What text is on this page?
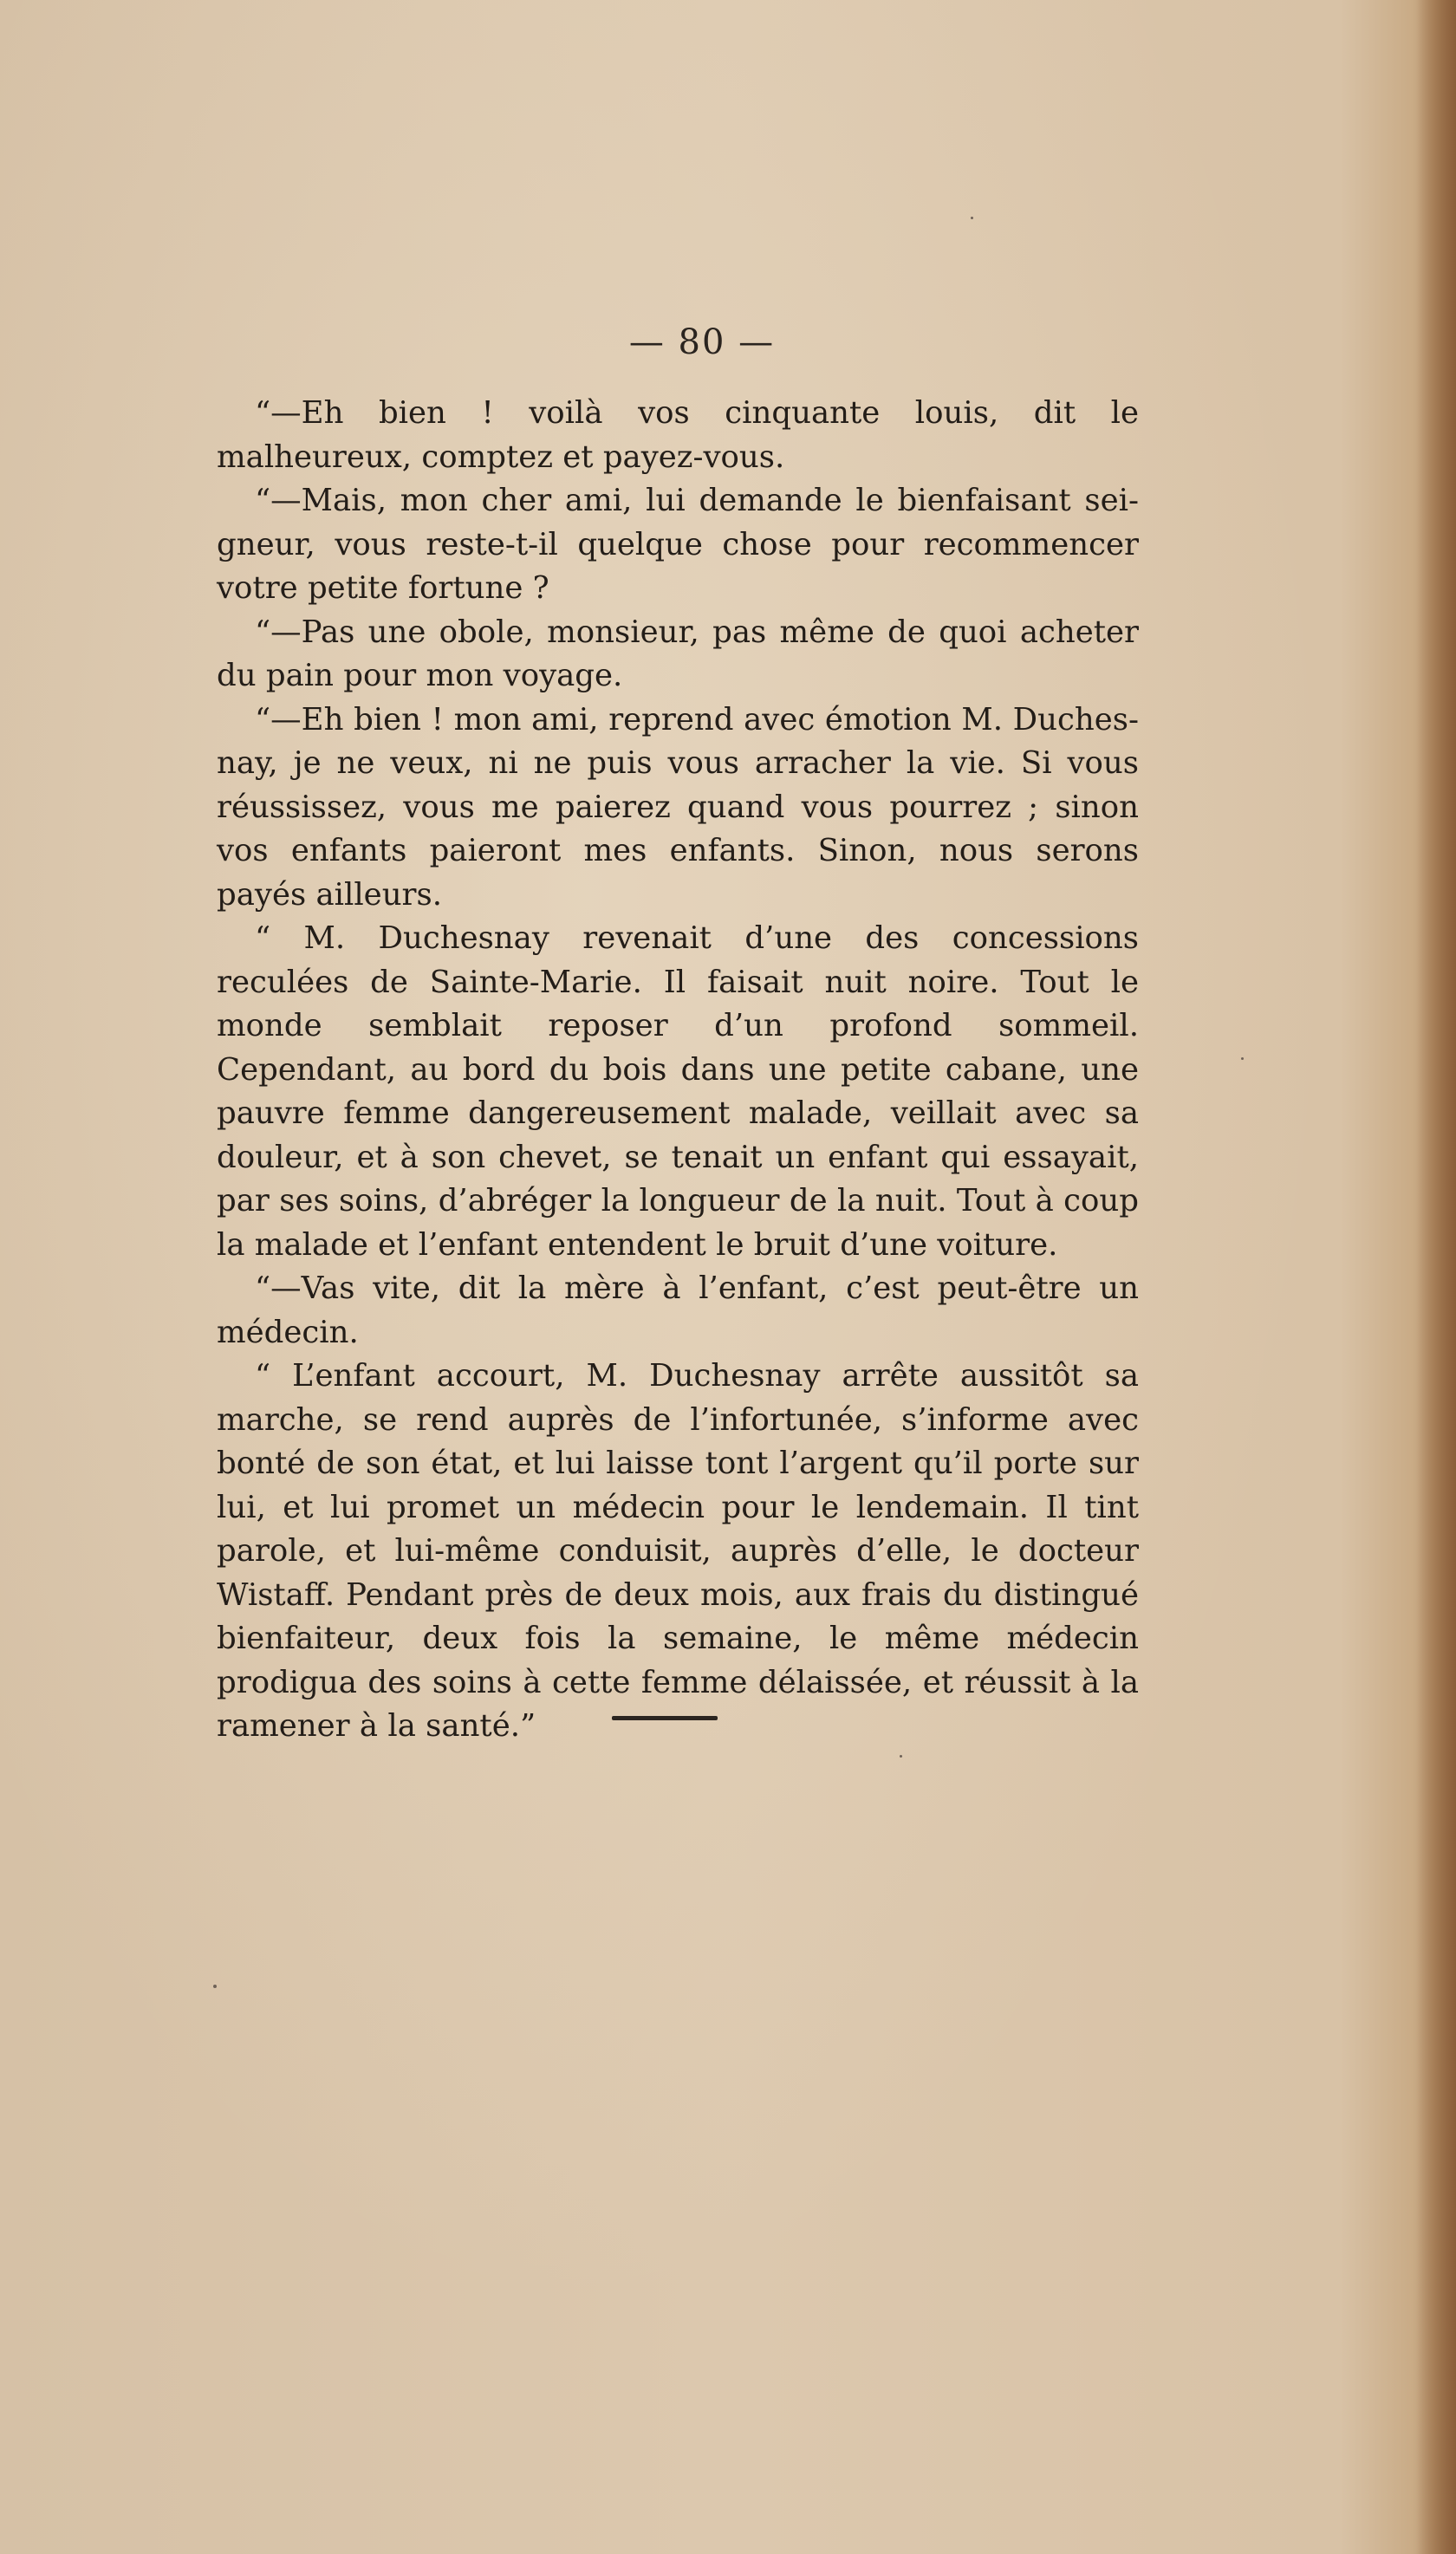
— 80 —

“—Eh bien ! voilà vos cinquante louis, dit le malheureux, comptez et payez-vous.

“—Mais, mon cher ami, lui demande le bienfaisant seigneur, vous reste-t-il quelque chose pour recommencer votre petite fortune ?

“—Pas une obole, monsieur, pas même de quoi acheter du pain pour mon voyage.

“—Eh bien ! mon ami, reprend avec émotion M. Duchesnay, je ne veux, ni ne puis vous arracher la vie. Si vous réussissez, vous me paierez quand vous pourrez ; sinon vos enfants paieront mes enfants. Sinon, nous serons payés ailleurs.

“ M. Duchesnay revenait d’une des concessions reculées de Sainte-Marie. Il faisait nuit noire. Tout le monde semblait reposer d’un profond sommeil. Cependant, au bord du bois dans une petite cabane, une pauvre femme dangereusement malade, veillait avec sa douleur, et à son chevet, se tenait un enfant qui essayait, par ses soins, d’abréger la longueur de la nuit. Tout à coup la malade et l’enfant entendent le bruit d’une voiture.

“—Vas vite, dit la mère à l’enfant, c’est peut-être un médecin.

“ L’enfant accourt, M. Duchesnay arrête aussitôt sa marche, se rend auprès de l’infortunée, s’informe avec bonté de son état, et lui laisse tont l’argent qu’il porte sur lui, et lui promet un médecin pour le lendemain. Il tint parole, et lui-même conduisit, auprès d’elle, le docteur Wistaff. Pendant près de deux mois, aux frais du distingué bienfaiteur, deux fois la semaine, le même médecin prodigua des soins à cette femme délaissée, et réussit à la ramener à la santé.”
